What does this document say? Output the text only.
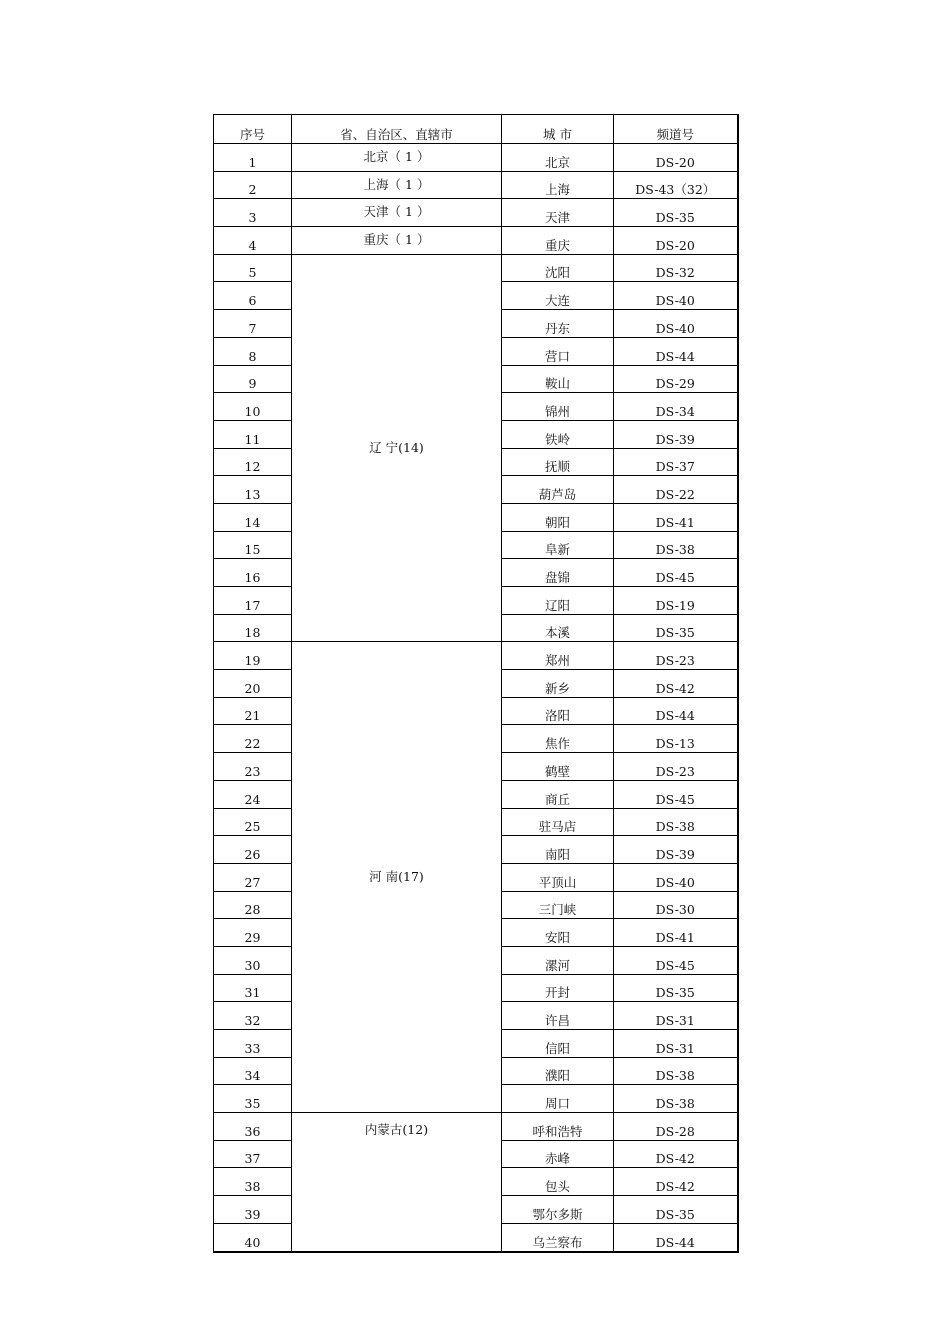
序号	省、自治区、直辖市	城 市	频道号
1	北京（ 1 ）	北京	DS-20
2	上海（ 1 ）	上海	DS-43（32）
3	天津（ 1 ）	天津	DS-35
4	重庆（ 1 ）	重庆	DS-20
5	辽 宁(14)	沈阳	DS-32
6		大连	DS-40
7		丹东	DS-40
8		营口	DS-44
9		鞍山	DS-29
10		锦州	DS-34
11		铁岭	DS-39
12		抚顺	DS-37
13		葫芦岛	DS-22
14		朝阳	DS-41
15		阜新	DS-38
16		盘锦	DS-45
17		辽阳	DS-19
18		本溪	DS-35
19	河 南(17)	郑州	DS-23
20		新乡	DS-42
21		洛阳	DS-44
22		焦作	DS-13
23		鹤壁	DS-23
24		商丘	DS-45
25		驻马店	DS-38
26		南阳	DS-39
27		平顶山	DS-40
28		三门峡	DS-30
29		安阳	DS-41
30		漯河	DS-45
31		开封	DS-35
32		许昌	DS-31
33		信阳	DS-31
34		濮阳	DS-38
35		周口	DS-38
36	内蒙古(12)	呼和浩特	DS-28
37		赤峰	DS-42
38		包头	DS-42
39		鄂尔多斯	DS-35
40		乌兰察布	DS-44
